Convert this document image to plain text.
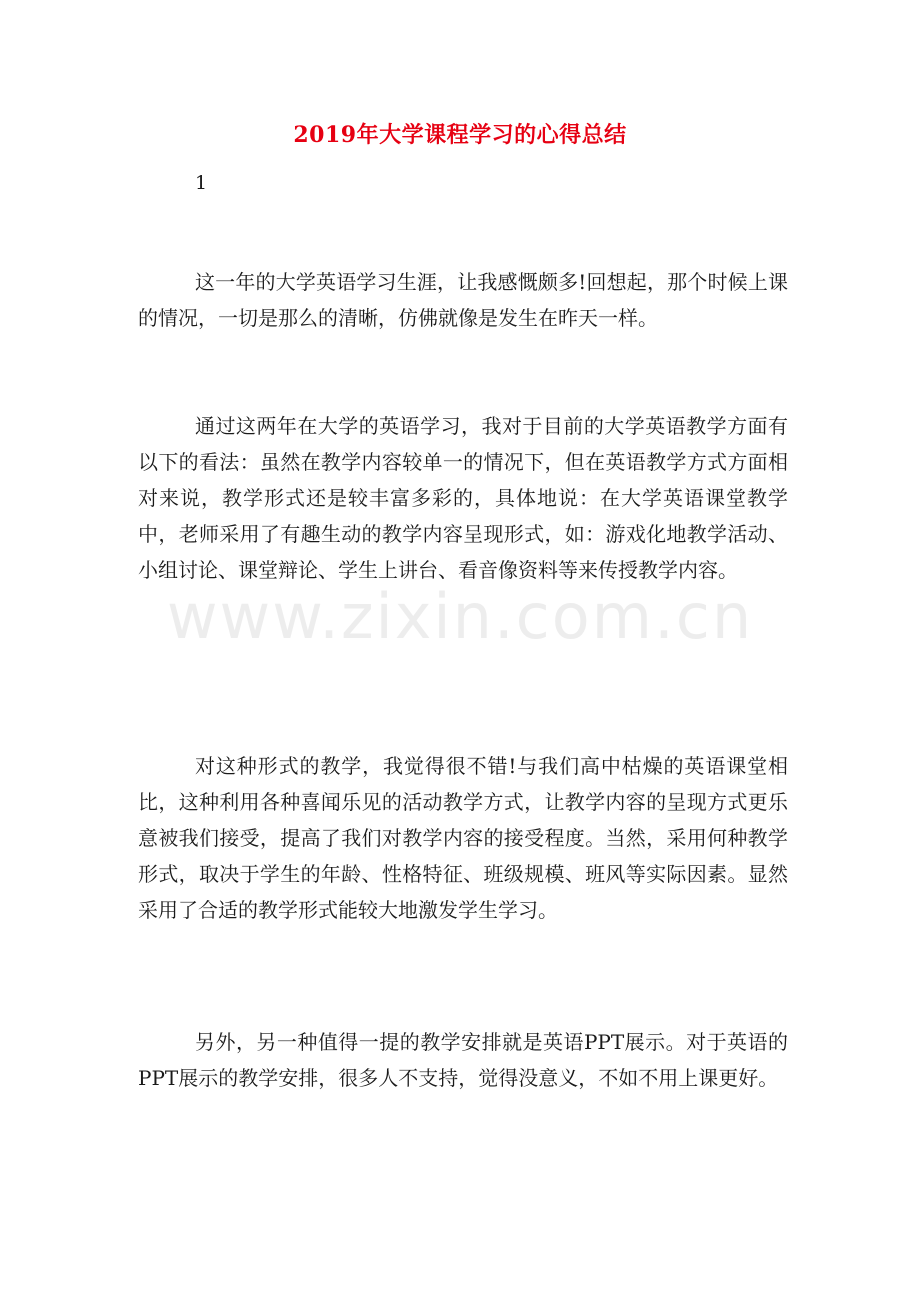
2019年大学课程学习的心得总结

1

这一年的大学英语学习生涯，让我感慨颇多!回想起，那个时候上课的情况，一切是那么的清晰，仿佛就像是发生在昨天一样。

通过这两年在大学的英语学习，我对于目前的大学英语教学方面有以下的看法：虽然在教学内容较单一的情况下，但在英语教学方式方面相对来说，教学形式还是较丰富多彩的，具体地说：在大学英语课堂教学中，老师采用了有趣生动的教学内容呈现形式，如：游戏化地教学活动、小组讨论、课堂辩论、学生上讲台、看音像资料等来传授教学内容。

对这种形式的教学，我觉得很不错!与我们高中枯燥的英语课堂相比，这种利用各种喜闻乐见的活动教学方式，让教学内容的呈现方式更乐意被我们接受，提高了我们对教学内容的接受程度。当然，采用何种教学形式，取决于学生的年龄、性格特征、班级规模、班风等实际因素。显然采用了合适的教学形式能较大地激发学生学习。

另外，另一种值得一提的教学安排就是英语PPT展示。对于英语的PPT展示的教学安排，很多人不支持，觉得没意义，不如不用上课更好。

www.zixin.com.cn
